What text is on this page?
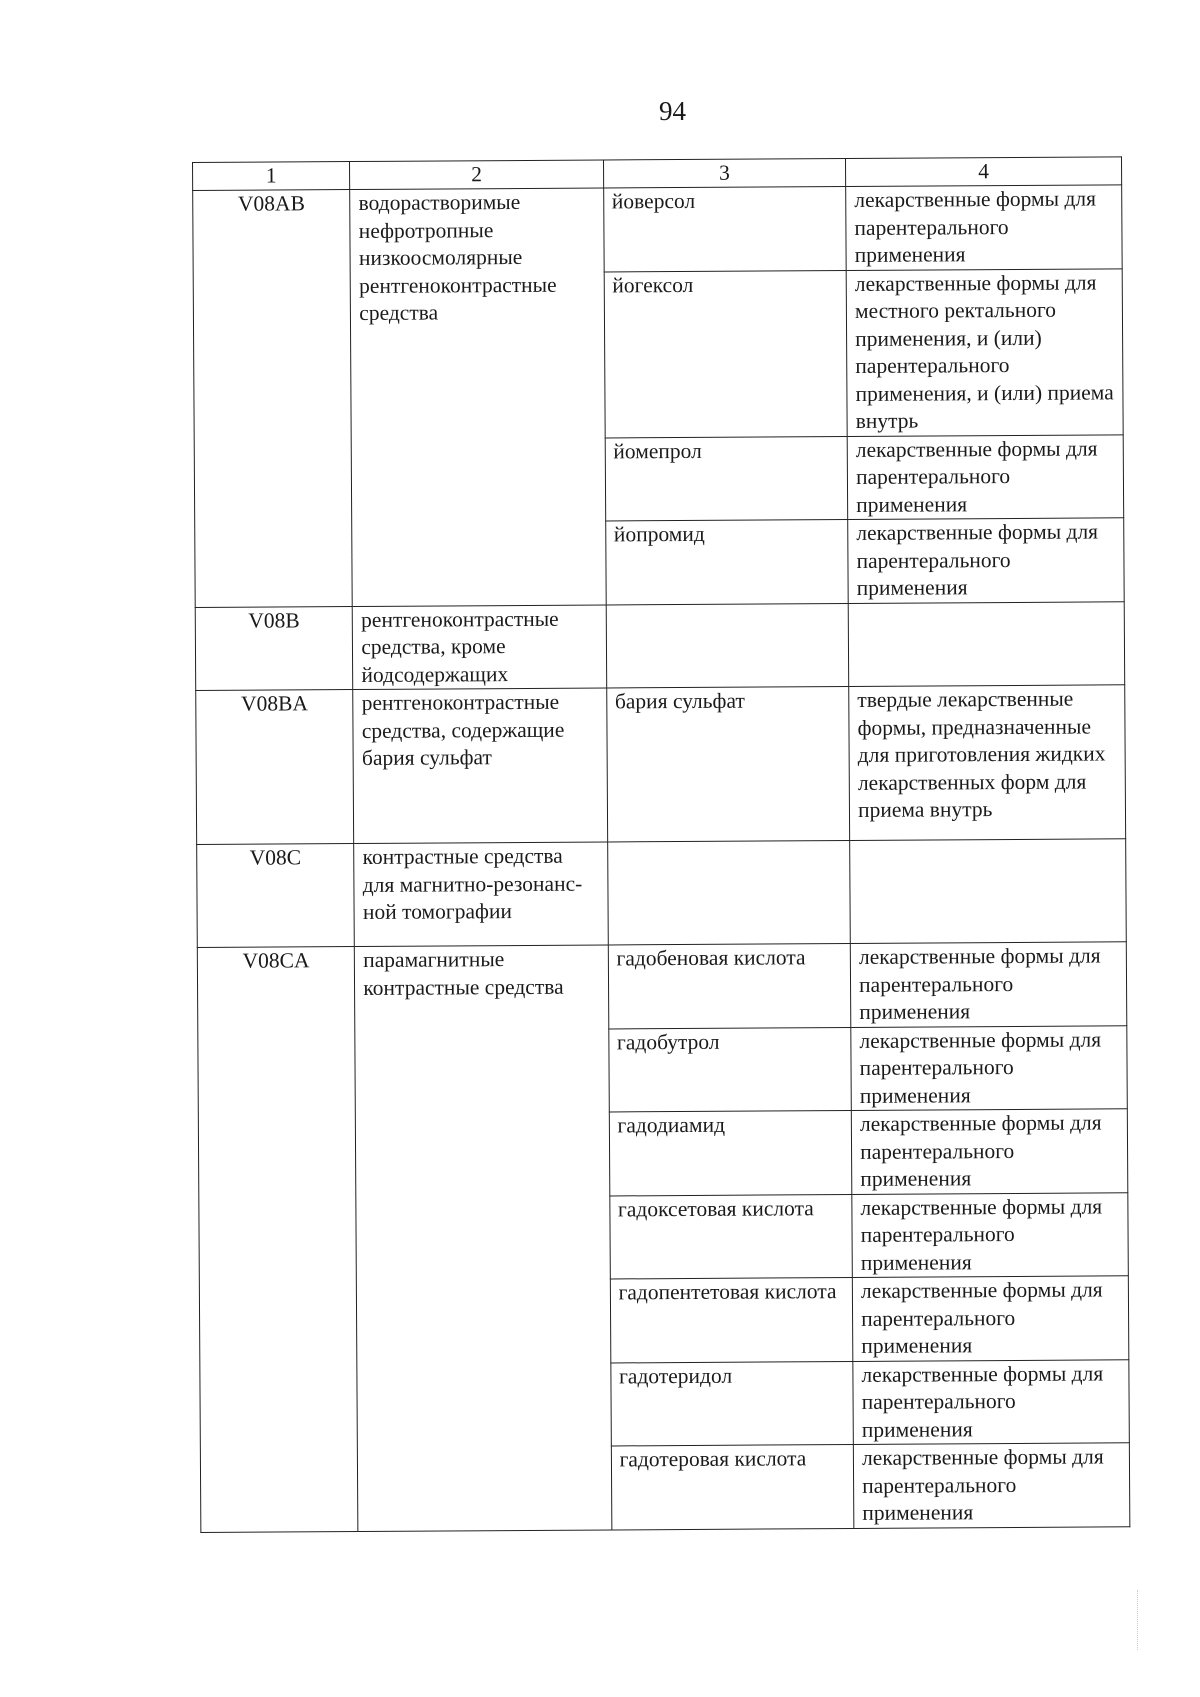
94
1	2	3	4
V08AB	водорастворимые нефротропные низкоосмолярные рентгеноконтрастные средства	йоверсол	лекарственные формы для парентерального применения
		йогексол	лекарственные формы для местного ректального применения, и (или) парентерального применения, и (или) приема внутрь
		йомепрол	лекарственные формы для парентерального применения
		йопромид	лекарственные формы для парентерального применения
V08B	рентгеноконтрастные средства, кроме йодсодержащих		
V08BA	рентгеноконтрастные средства, содержащие бария сульфат	бария сульфат	твердые лекарственные формы, предназначенные для приготовления жидких лекарственных форм для приема внутрь
V08C	контрастные средства для магнитно-резонанс-ной томографии		
V08CA	парамагнитные контрастные средства	гадобеновая кислота	лекарственные формы для парентерального применения
		гадобутрол	лекарственные формы для парентерального применения
		гадодиамид	лекарственные формы для парентерального применения
		гадоксетовая кислота	лекарственные формы для парентерального применения
		гадопентетовая кислота	лекарственные формы для парентерального применения
		гадотеридол	лекарственные формы для парентерального применения
		гадотеровая кислота	лекарственные формы для парентерального применения
